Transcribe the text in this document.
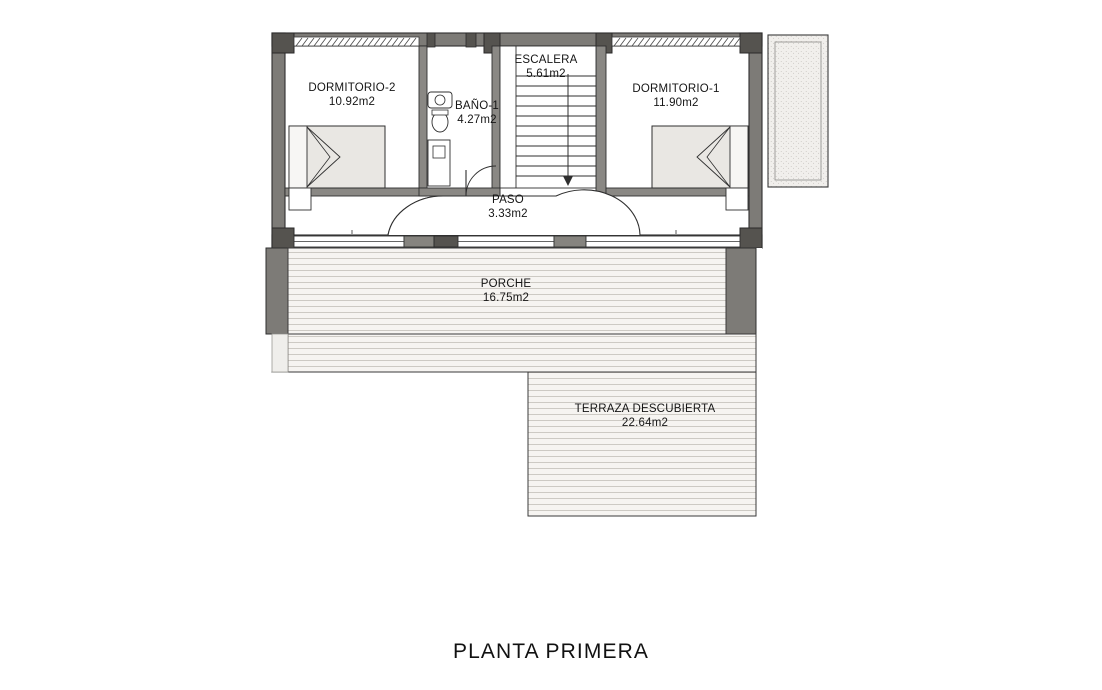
DORMITORIO-2
10.92m2
DORMITORIO-1
11.90m2
ESCALERA
5.61m2
BAÑO-1
4.27m2
PASO
3.33m2
PORCHE
16.75m2
TERRAZA DESCUBIERTA
22.64m2
PLANTA PRIMERA
